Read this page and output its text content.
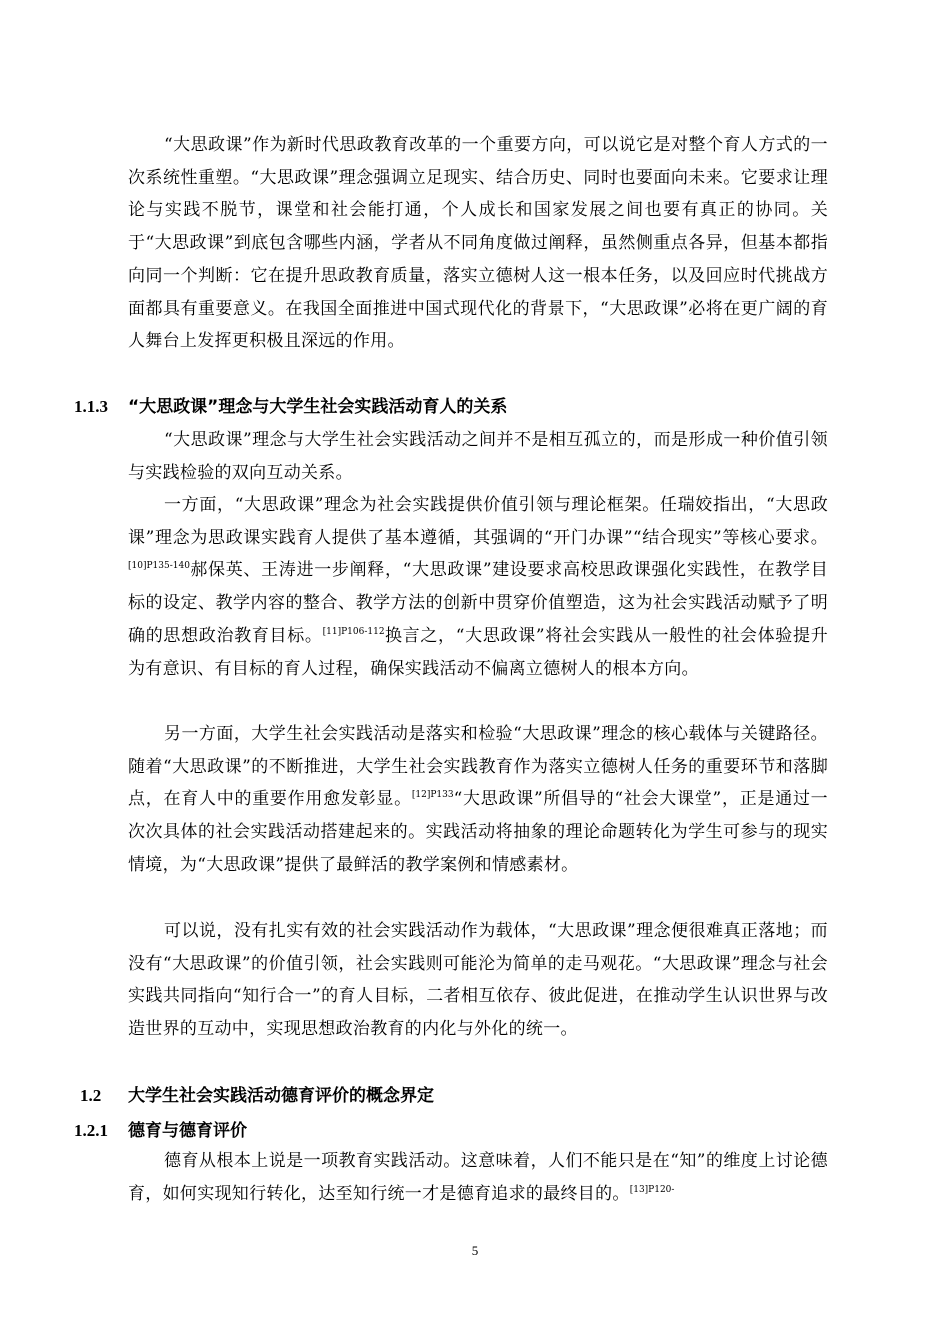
“大思政课”作为新时代思政教育改革的一个重要方向，可以说它是对整个育人方式的一次系统性重塑。“大思政课”理念强调立足现实、结合历史、同时也要面向未来。它要求让理论与实践不脱节，课堂和社会能打通，个人成长和国家发展之间也要有真正的协同。关于“大思政课”到底包含哪些内涵，学者从不同角度做过阐释，虽然侧重点各异，但基本都指向同一个判断：它在提升思政教育质量，落实立德树人这一根本任务，以及回应时代挑战方面都具有重要意义。在我国全面推进中国式现代化的背景下，“大思政课”必将在更广阔的育人舞台上发挥更积极且深远的作用。

1.1.3 “大思政课”理念与大学生社会实践活动育人的关系

“大思政课”理念与大学生社会实践活动之间并不是相互孤立的，而是形成一种价值引领与实践检验的双向互动关系。

一方面，“大思政课”理念为社会实践提供价值引领与理论框架。任瑞姣指出，“大思政课”理念为思政课实践育人提供了基本遵循，其强调的“开门办课”“结合现实”等核心要求。$^{[10]P135-140}$郝保英、王涛进一步阐释，“大思政课”建设要求高校思政课强化实践性，在教学目标的设定、教学内容的整合、教学方法的创新中贯穿价值塑造，这为社会实践活动赋予了明确的思想政治教育目标。$^{[11]P106-112}$换言之，“大思政课”将社会实践从一般性的社会体验提升为有意识、有目标的育人过程，确保实践活动不偏离立德树人的根本方向。

另一方面，大学生社会实践活动是落实和检验“大思政课”理念的核心载体与关键路径。随着“大思政课”的不断推进，大学生社会实践教育作为落实立德树人任务的重要环节和落脚点，在育人中的重要作用愈发彰显。$^{[12]P133}$“大思政课”所倡导的“社会大课堂”，正是通过一次次具体的社会实践活动搭建起来的。实践活动将抽象的理论命题转化为学生可参与的现实情境，为“大思政课”提供了最鲜活的教学案例和情感素材。

可以说，没有扎实有效的社会实践活动作为载体，“大思政课”理念便很难真正落地；而没有“大思政课”的价值引领，社会实践则可能沦为简单的走马观花。“大思政课”理念与社会实践共同指向“知行合一”的育人目标，二者相互依存、彼此促进，在推动学生认识世界与改造世界的互动中，实现思想政治教育的内化与外化的统一。

1.2 大学生社会实践活动德育评价的概念界定
1.2.1 德育与德育评价

德育从根本上说是一项教育实践活动。这意味着，人们不能只是在“知”的维度上讨论德育，如何实现知行转化，达至知行统一才是德育追求的最终目的。$^{[13]P120-}$

5
